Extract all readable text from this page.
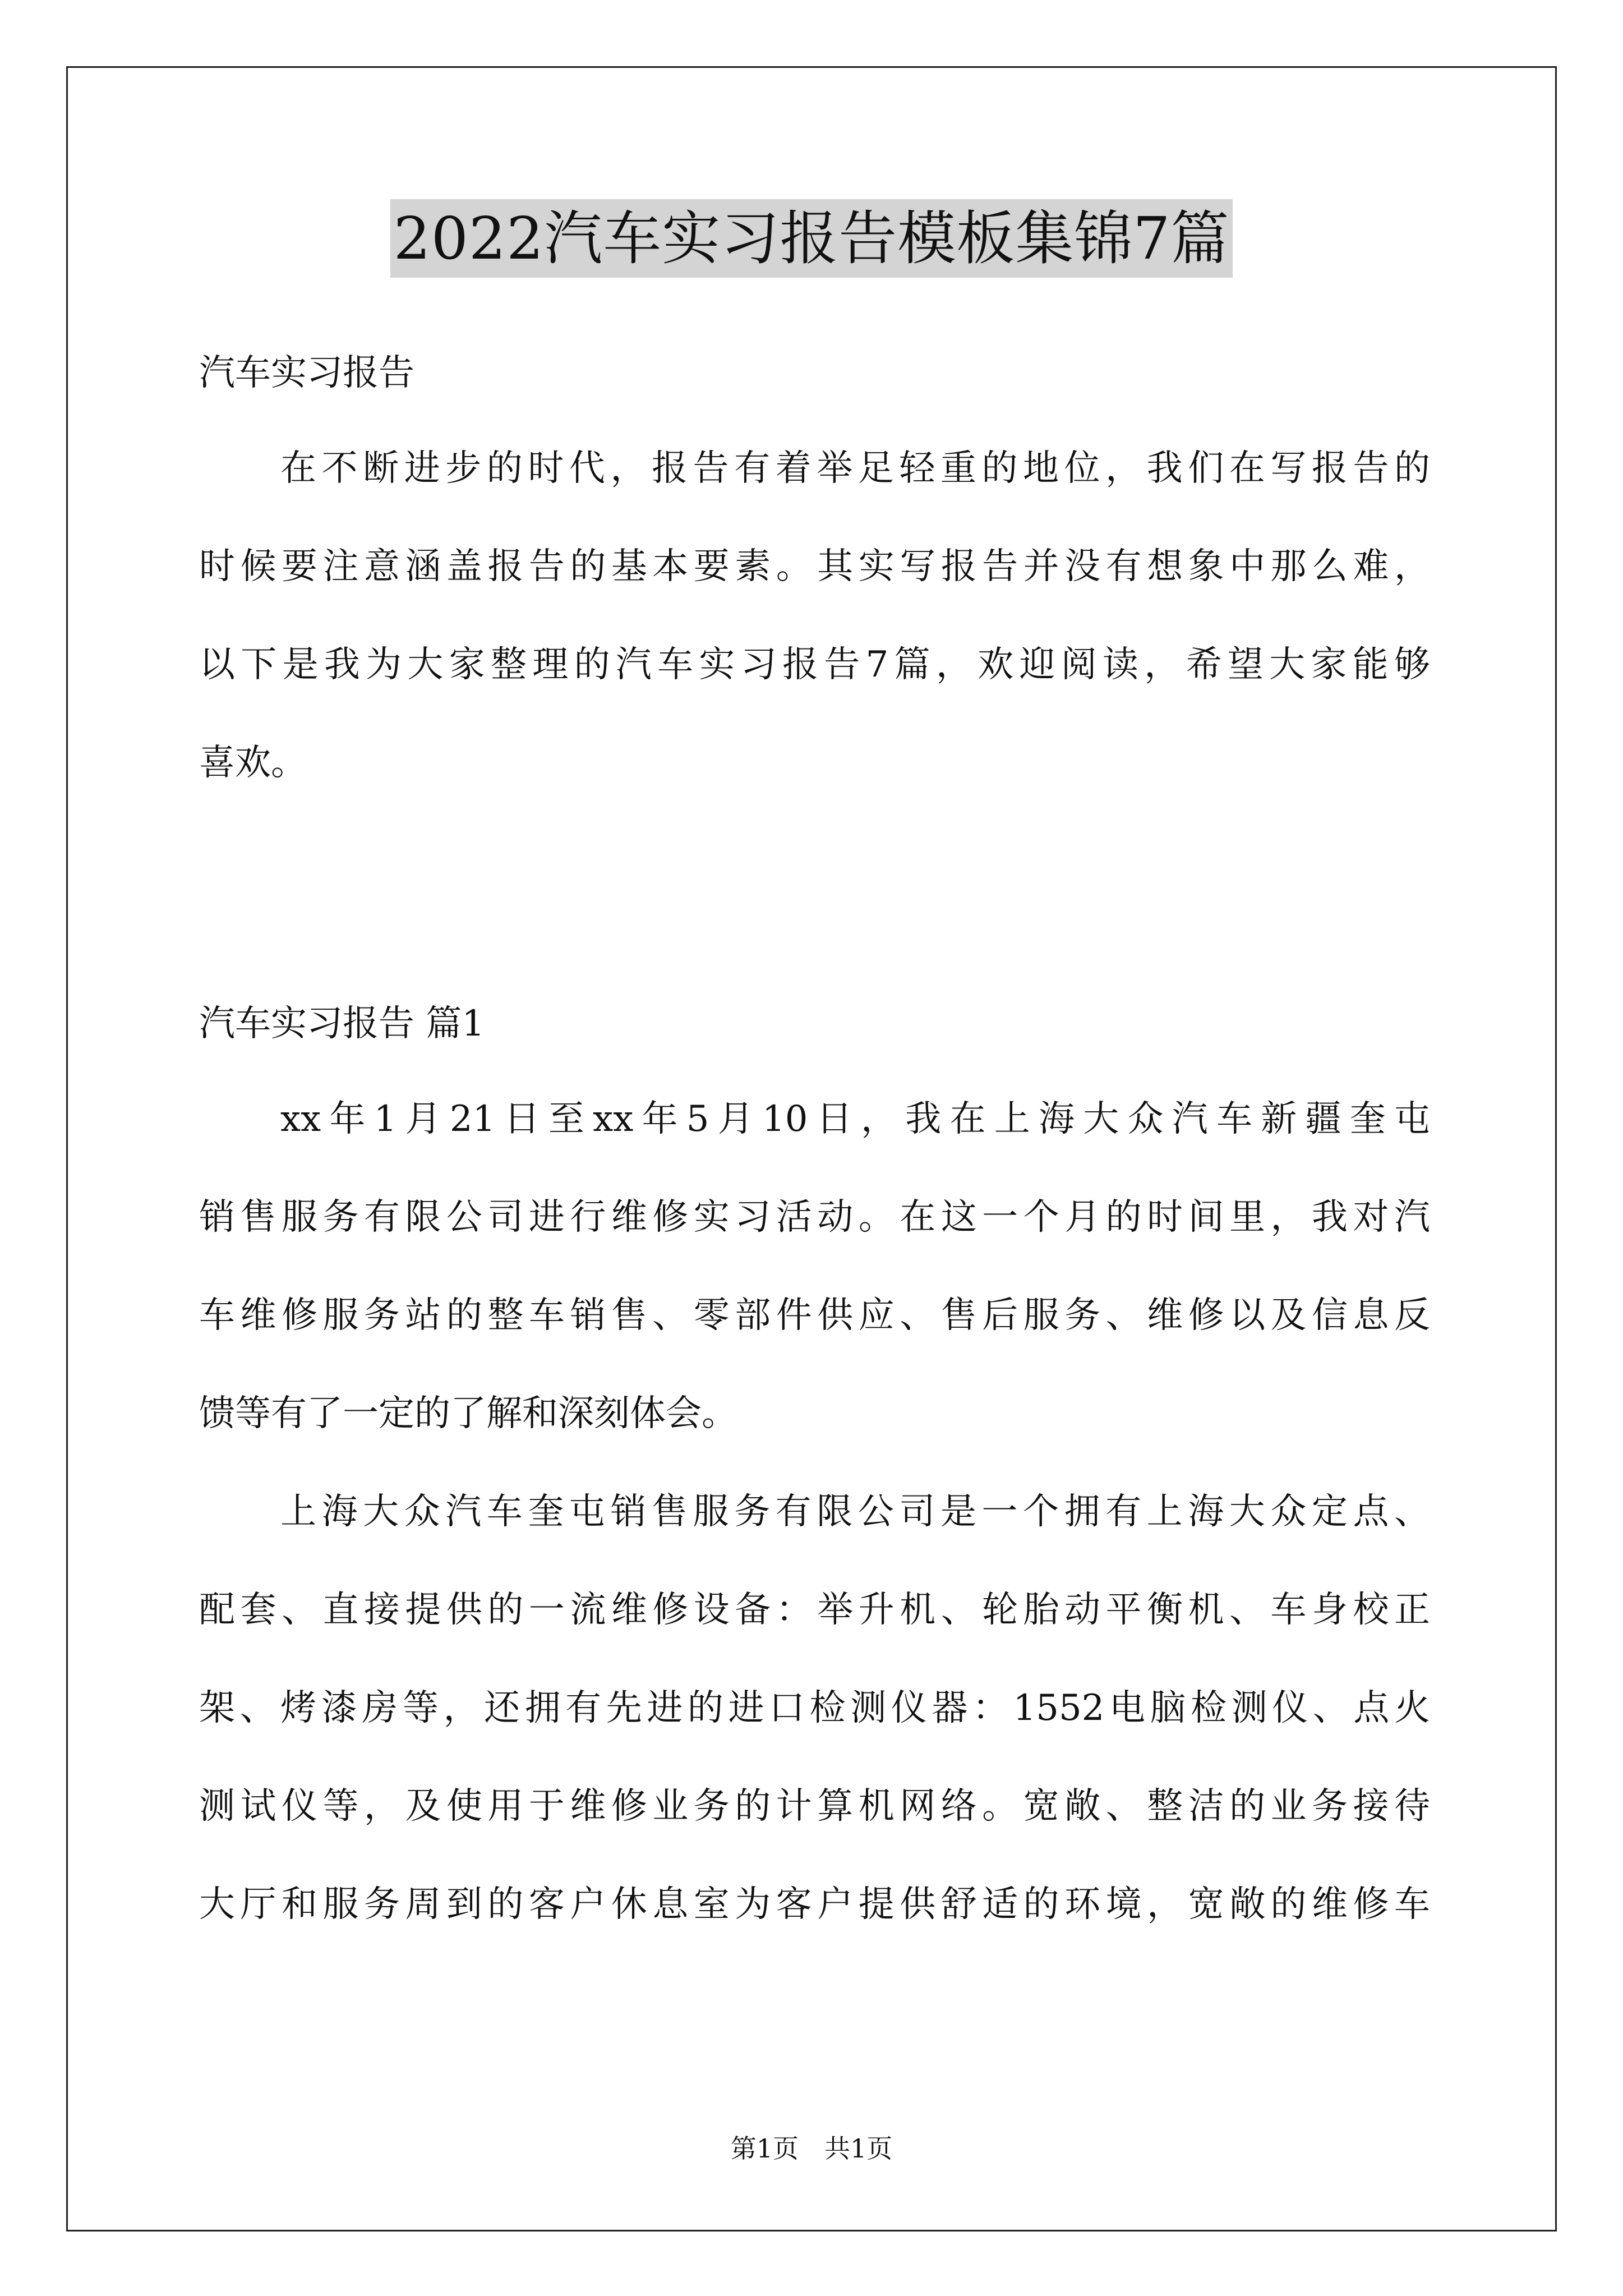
2022汽车实习报告模板集锦7篇
汽车实习报告
在不断进步的时代，报告有着举足轻重的地位，我们在写报告的
时候要注意涵盖报告的基本要素。其实写报告并没有想象中那么难，
以下是我为大家整理的汽车实习报告7篇，欢迎阅读，希望大家能够
喜欢。
汽车实习报告 篇1
xx年1月21日至xx年5月10日，我在上海大众汽车新疆奎屯
销售服务有限公司进行维修实习活动。在这一个月的时间里，我对汽
车维修服务站的整车销售、零部件供应、售后服务、维修以及信息反
馈等有了一定的了解和深刻体会。
上海大众汽车奎屯销售服务有限公司是一个拥有上海大众定点、
配套、直接提供的一流维修设备：举升机、轮胎动平衡机、车身校正
架、烤漆房等，还拥有先进的进口检测仪器：1552电脑检测仪、点火
测试仪等，及使用于维修业务的计算机网络。宽敞、整洁的业务接待
大厅和服务周到的客户休息室为客户提供舒适的环境，宽敞的维修车
第1页　共1页
